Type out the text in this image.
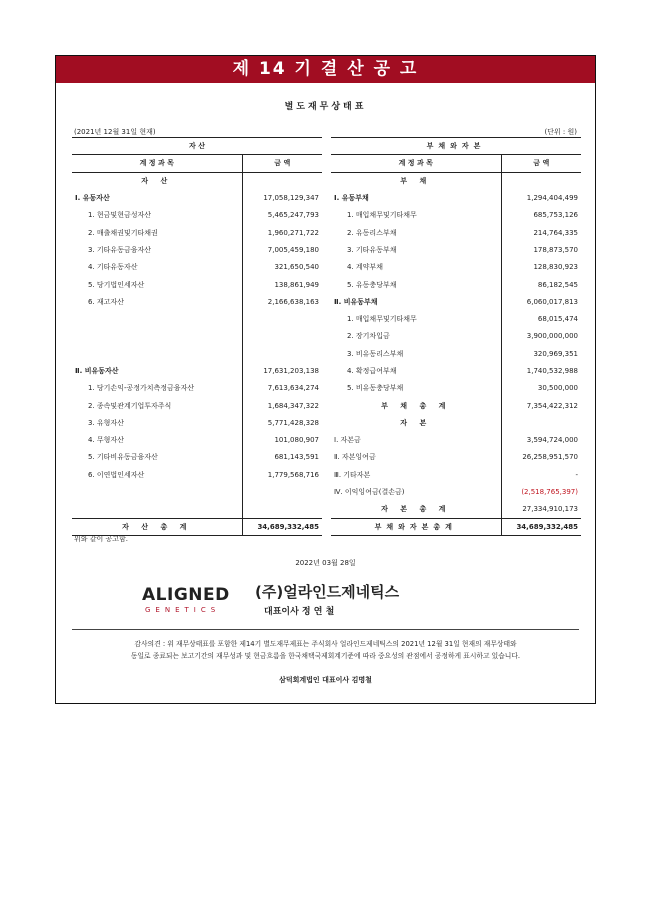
제 14 기 결 산 공 고
별도재무상태표
(2021년 12월 31일 현재)	(단위 : 원)
자 산	
계 정 과 목	금 액
자 산	
Ⅰ. 유동자산	17,058,129,347
1. 현금및현금성자산	5,465,247,793
2. 매출채권및기타채권	1,960,271,722
3. 기타유동금융자산	7,005,459,180
4. 기타유동자산	321,650,540
5. 당기법인세자산	138,861,949
6. 재고자산	2,166,638,163

Ⅱ. 비유동자산	17,631,203,138
1. 당기손익-공정가치측정금융자산	7,613,634,274
2. 종속및관계기업투자주식	1,684,347,322
3. 유형자산	5,771,428,328
4. 무형자산	101,080,907
5. 기타비유동금융자산	681,143,591
6. 이연법인세자산	1,779,568,716

자 산 총 계	34,689,332,485
부채와자본	
계 정 과 목	금 액
부 채	
Ⅰ. 유동부채	1,294,404,499
1. 매입채무및기타채무	685,753,126
2. 유동리스부채	214,764,335
3. 기타유동부채	178,873,570
4. 계약부채	128,830,923
5. 유동충당부채	86,182,545
Ⅱ. 비유동부채	6,060,017,813
1. 매입채무및기타채무	68,015,474
2. 장기차입금	3,900,000,000
3. 비유동리스부채	320,969,351
4. 확정급여부채	1,740,532,988
5. 비유동충당부채	30,500,000
부 채 총 계	7,354,422,312
자 본	
Ⅰ. 자본금	3,594,724,000
Ⅱ. 자본잉여금	26,258,951,570
Ⅲ. 기타자본	-
Ⅳ. 이익잉여금(결손금)	(2,518,765,397)
자 본 총 계	27,334,910,173
부채와자본총계	34,689,332,485
위와 같이 공고함.
2022년 03월 28일
ALIGNED
GENETICS
(주)얼라인드제네틱스
대표이사 정 연 철
감사의견 : 위 재무상태표를 포함한 제14기 별도재무제표는 주식회사 얼라인드제네틱스의 2021년 12월 31일 현재의 재무상태와
동일로 종료되는 보고기간의 재무성과 및 현금흐름을 한국채택국제회계기준에 따라 중요성의 관점에서 공정하게 표시하고 있습니다.
삼덕회계법인 대표이사 김명철
